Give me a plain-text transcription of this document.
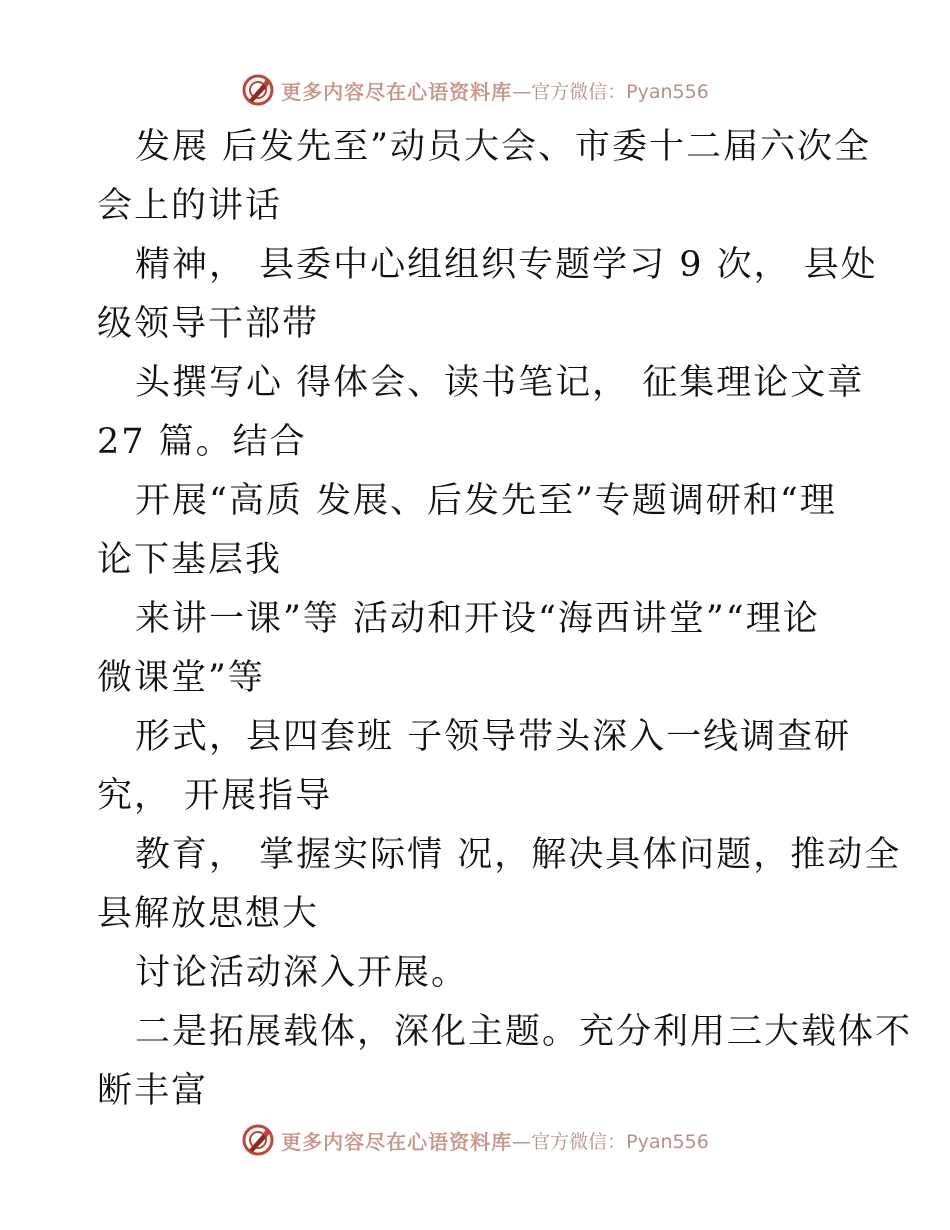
更多内容尽在心语资料库 —官方微信：Pyan556
发展 后发先至”动员大会、市委十二届六次全
会上的讲话
精神， 县委中心组组织专题学习 9 次， 县处
级领导干部带
头撰写心 得体会、读书笔记， 征集理论文章
27 篇。结合
开展“高质 发展、后发先至”专题调研和“理
论下基层我
来讲一课”等 活动和开设“海西讲堂”“理论
微课堂”等
形式，县四套班 子领导带头深入一线调查研
究， 开展指导
教育， 掌握实际情 况，解决具体问题，推动全
县解放思想大
讨论活动深入开展。
二是拓展载体，深化主题。充分利用三大载体不
断丰富
更多内容尽在心语资料库 —官方微信：Pyan556
